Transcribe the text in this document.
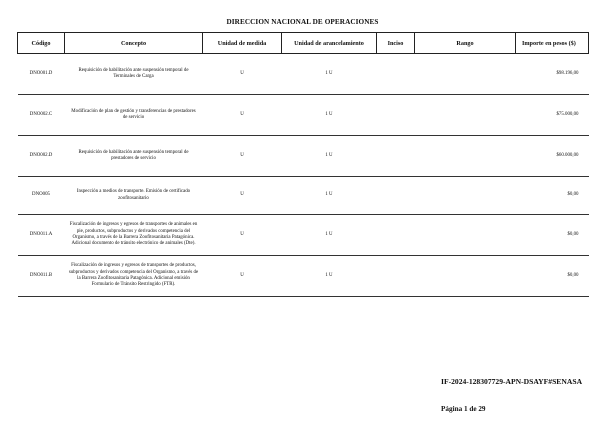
DIRECCION NACIONAL DE OPERACIONES
Código	Concepto	Unidad de medida	Unidad de arancelamiento	Inciso	Rango	Importe en pesos ($)
DNO001.D	Requisición de habilitación ante suspensión temporal de Terminales de Carga	U	1 U			$98.196,00
DNO002.C	Modificación de plan de gestión y transferencias de prestadores de servicio	U	1 U			$75.000,00
DNO002.D	Requisición de habilitación ante suspensión temporal de prestadores de servicio	U	1 U			$60.000,00
DNO005	Inspección a medios de transporte. Emisión de certificado zoofitosanitario	U	1 U			$0,00
DNO011.A	Fiscalización de ingresos y egresos de transportes de animales en pie, productos, subproductos y derivados competencia del Organismo, a través de la Barrera Zoofitosanitaria Patagónica. Adicional documento de tránsito electrónico de animales (Dte).	U	1 U			$0,00
DNO011.B	Fiscalización de ingresos y egresos de transportes de productos, subproductos y derivados competencia del Organismo, a través de la Barrera Zoofitosanitaria Patagónica. Adicional emisión Formulario de Tránsito Restringido (FTR).	U	1 U			$0,00
IF-2024-128307729-APN-DSAYF#SENASA
Página 1 de 29
